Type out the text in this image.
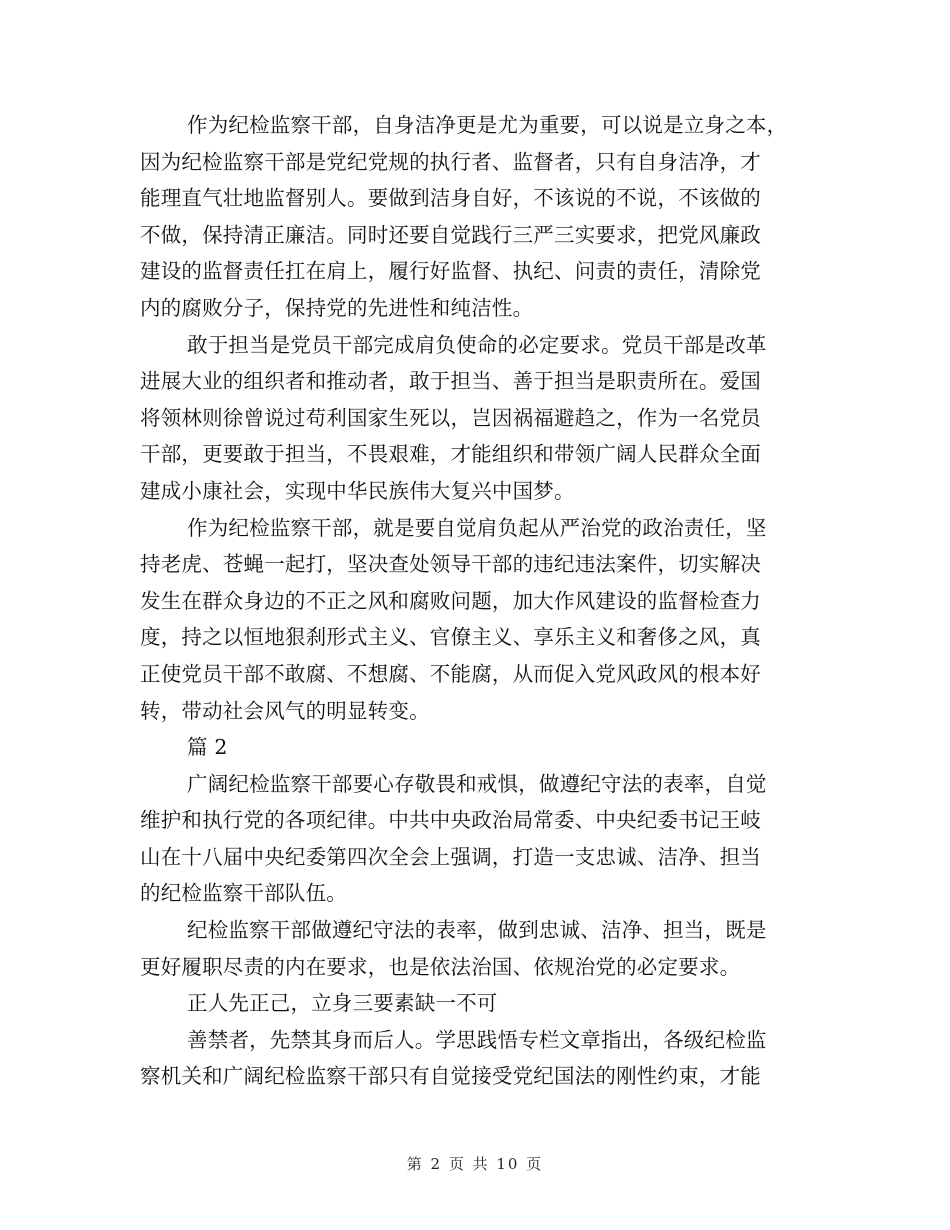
作为纪检监察干部，自身洁净更是尤为重要，可以说是立身之本，
因为纪检监察干部是党纪党规的执行者、监督者，只有自身洁净，才
能理直气壮地监督别人。要做到洁身自好，不该说的不说，不该做的
不做，保持清正廉洁。同时还要自觉践行三严三实要求，把党风廉政
建设的监督责任扛在肩上，履行好监督、执纪、问责的责任，清除党
内的腐败分子，保持党的先进性和纯洁性。
敢于担当是党员干部完成肩负使命的必定要求。党员干部是改革
进展大业的组织者和推动者，敢于担当、善于担当是职责所在。爱国
将领林则徐曾说过苟利国家生死以，岂因祸福避趋之，作为一名党员
干部，更要敢于担当，不畏艰难，才能组织和带领广阔人民群众全面
建成小康社会，实现中华民族伟大复兴中国梦。
作为纪检监察干部，就是要自觉肩负起从严治党的政治责任，坚
持老虎、苍蝇一起打，坚决查处领导干部的违纪违法案件，切实解决
发生在群众身边的不正之风和腐败问题，加大作风建设的监督检查力
度，持之以恒地狠刹形式主义、官僚主义、享乐主义和奢侈之风，真
正使党员干部不敢腐、不想腐、不能腐，从而促入党风政风的根本好
转，带动社会风气的明显转变。
篇 2
广阔纪检监察干部要心存敬畏和戒惧，做遵纪守法的表率，自觉
维护和执行党的各项纪律。中共中央政治局常委、中央纪委书记王岐
山在十八届中央纪委第四次全会上强调，打造一支忠诚、洁净、担当
的纪检监察干部队伍。
纪检监察干部做遵纪守法的表率，做到忠诚、洁净、担当，既是
更好履职尽责的内在要求，也是依法治国、依规治党的必定要求。
正人先正己，立身三要素缺一不可
善禁者，先禁其身而后人。学思践悟专栏文章指出，各级纪检监
察机关和广阔纪检监察干部只有自觉接受党纪国法的刚性约束，才能
第 2 页 共 10 页
